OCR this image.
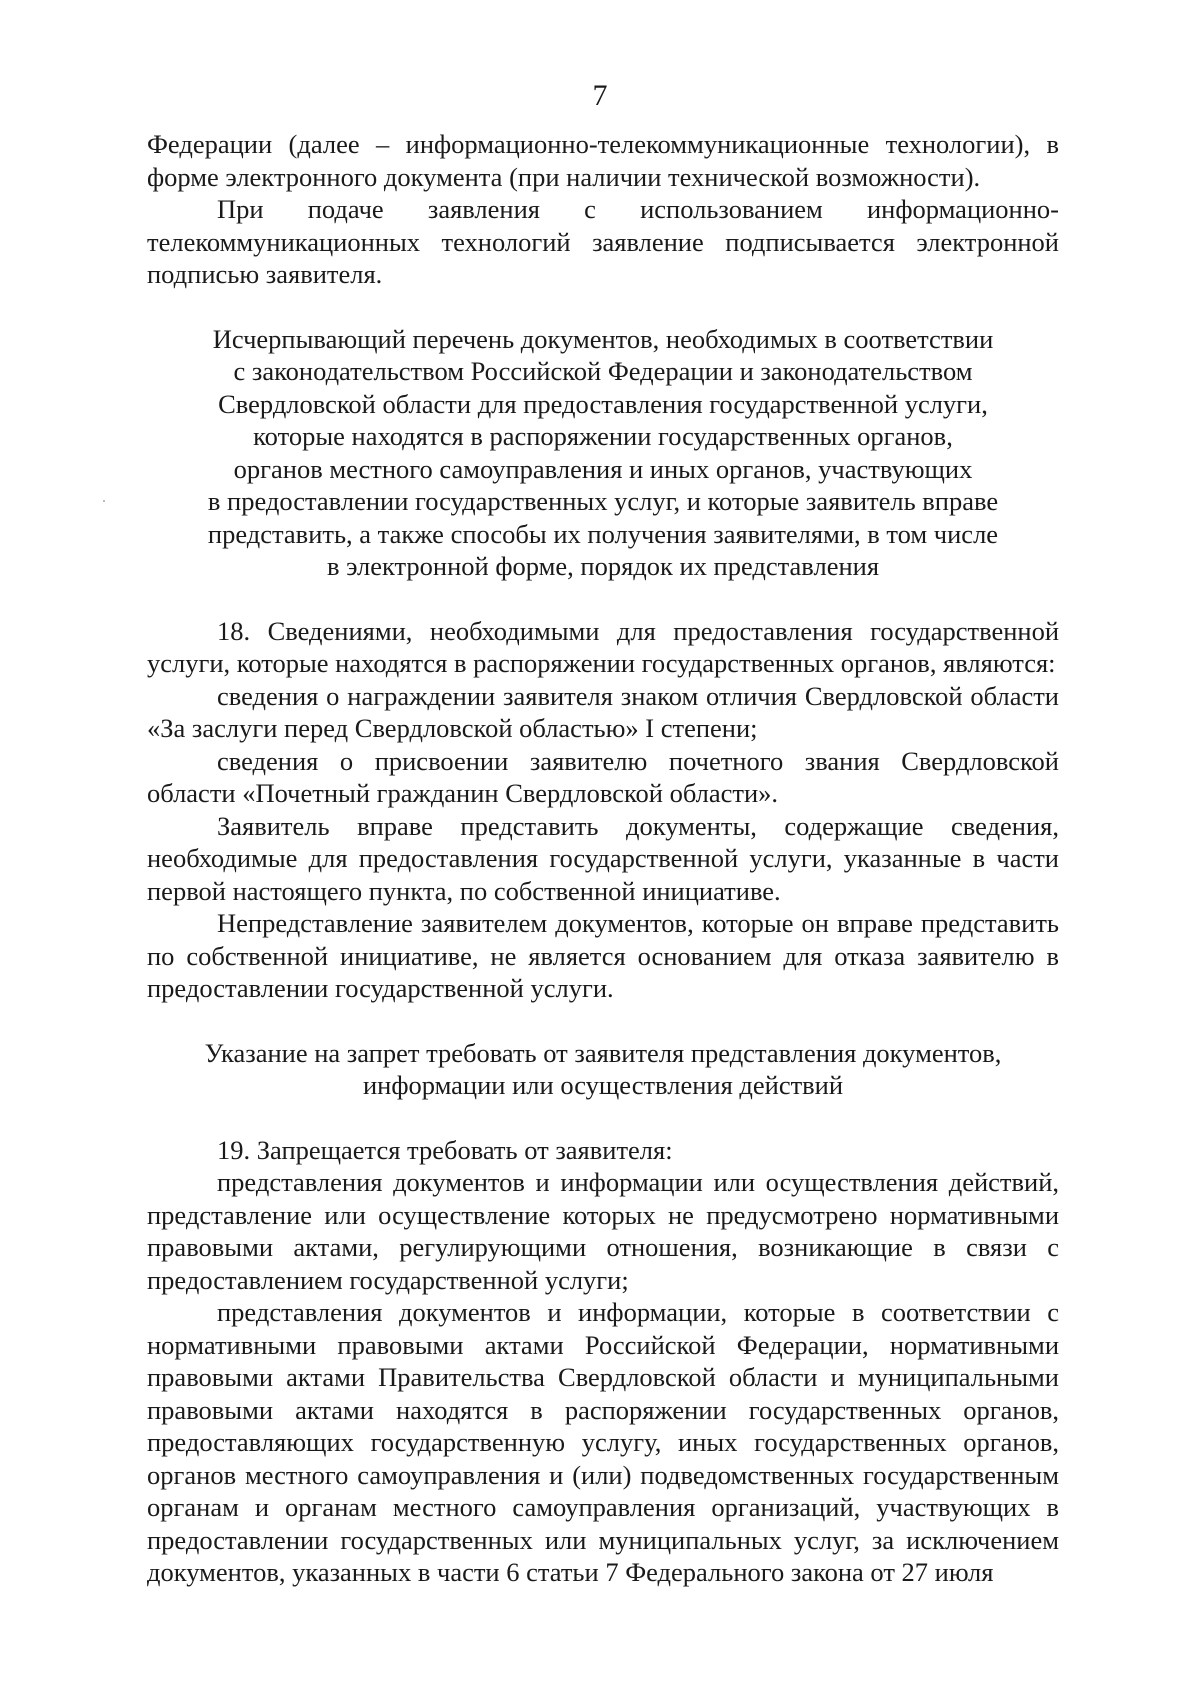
7

Федерации (далее – информационно-телекоммуникационные технологии), в форме электронного документа (при наличии технической возможности).

При подаче заявления с использованием информационно-телекоммуникационных технологий заявление подписывается электронной подписью заявителя.

Исчерпывающий перечень документов, необходимых в соответствии
с законодательством Российской Федерации и законодательством
Свердловской области для предоставления государственной услуги,
которые находятся в распоряжении государственных органов,
органов местного самоуправления и иных органов, участвующих
в предоставлении государственных услуг, и которые заявитель вправе
представить, а также способы их получения заявителями, в том числе
в электронной форме, порядок их представления

18. Сведениями, необходимыми для предоставления государственной услуги, которые находятся в распоряжении государственных органов, являются:

сведения о награждении заявителя знаком отличия Свердловской области «За заслуги перед Свердловской областью» I степени;

сведения о присвоении заявителю почетного звания Свердловской области «Почетный гражданин Свердловской области».

Заявитель вправе представить документы, содержащие сведения, необходимые для предоставления государственной услуги, указанные в части первой настоящего пункта, по собственной инициативе.

Непредставление заявителем документов, которые он вправе представить по собственной инициативе, не является основанием для отказа заявителю в предоставлении государственной услуги.

Указание на запрет требовать от заявителя представления документов,
информации или осуществления действий

19. Запрещается требовать от заявителя:

представления документов и информации или осуществления действий, представление или осуществление которых не предусмотрено нормативными правовыми актами, регулирующими отношения, возникающие в связи с предоставлением государственной услуги;

представления документов и информации, которые в соответствии с нормативными правовыми актами Российской Федерации, нормативными правовыми актами Правительства Свердловской области и муниципальными правовыми актами находятся в распоряжении государственных органов, предоставляющих государственную услугу, иных государственных органов, органов местного самоуправления и (или) подведомственных государственным органам и органам местного самоуправления организаций, участвующих в предоставлении государственных или муниципальных услуг, за исключением документов, указанных в части 6 статьи 7 Федерального закона от 27 июля
